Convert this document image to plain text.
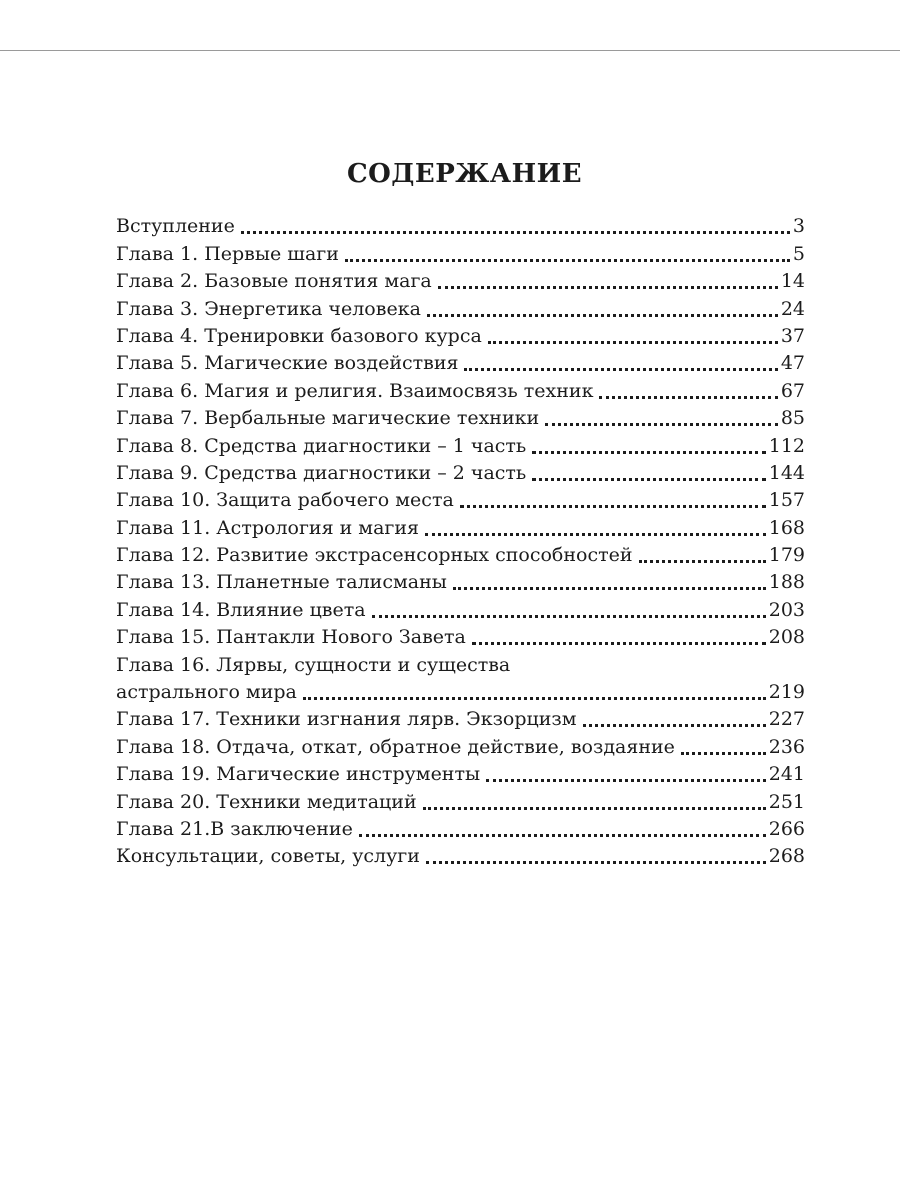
СОДЕРЖАНИЕ
Вступление	3
Глава 1. Первые шаги	5
Глава 2. Базовые понятия мага	14
Глава 3. Энергетика человека	24
Глава 4. Тренировки базового курса	37
Глава 5. Магические воздействия	47
Глава 6. Магия и религия. Взаимосвязь техник	67
Глава 7. Вербальные магические техники	85
Глава 8. Средства диагностики – 1 часть	112
Глава 9. Средства диагностики – 2 часть	144
Глава 10. Защита рабочего места	157
Глава 11. Астрология и магия	168
Глава 12. Развитие экстрасенсорных способностей	179
Глава 13. Планетные талисманы	188
Глава 14. Влияние цвета	203
Глава 15. Пантакли Нового Завета	208
Глава 16. Лярвы, сущности и существа
астрального мира	219
Глава 17. Техники изгнания лярв. Экзорцизм	227
Глава 18. Отдача, откат, обратное действие, воздаяние	236
Глава 19. Магические инструменты	241
Глава 20. Техники медитаций	251
Глава 21.В заключение	266
Консультации, советы, услуги	268
